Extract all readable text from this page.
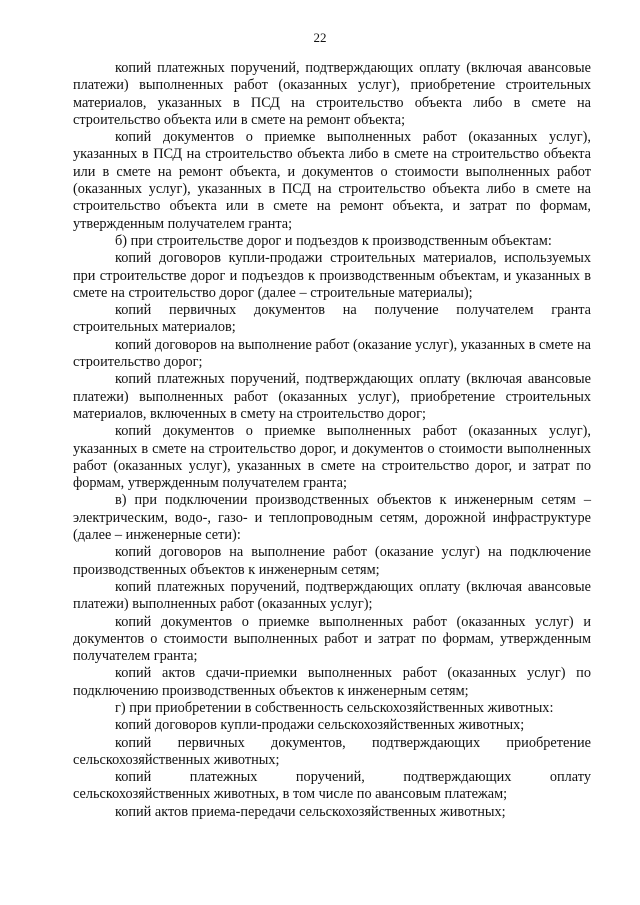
22

копий платежных поручений, подтверждающих оплату (включая авансовые платежи) выполненных работ (оказанных услуг), приобретение строительных материалов, указанных в ПСД на строительство объекта либо в смете на строительство объекта или в смете на ремонт объекта;

копий документов о приемке выполненных работ (оказанных услуг), указанных в ПСД на строительство объекта либо в смете на строительство объекта или в смете на ремонт объекта, и документов о стоимости выполненных работ (оказанных услуг), указанных в ПСД на строительство объекта либо в смете на строительство объекта или в смете на ремонт объекта, и затрат по формам, утвержденным получателем гранта;

б) при строительстве дорог и подъездов к производственным объектам:

копий договоров купли-продажи строительных материалов, используемых при строительстве дорог и подъездов к производственным объектам, и указанных в смете на строительство дорог (далее – строительные материалы);

копий первичных документов на получение получателем гранта строительных материалов;

копий договоров на выполнение работ (оказание услуг), указанных в смете на строительство дорог;

копий платежных поручений, подтверждающих оплату (включая авансовые платежи) выполненных работ (оказанных услуг), приобретение строительных материалов, включенных в смету на строительство дорог;

копий документов о приемке выполненных работ (оказанных услуг), указанных в смете на строительство дорог, и документов о стоимости выполненных работ (оказанных услуг), указанных в смете на строительство дорог, и затрат по формам, утвержденным получателем гранта;

в) при подключении производственных объектов к инженерным сетям – электрическим, водо-, газо- и теплопроводным сетям, дорожной инфраструктуре (далее – инженерные сети):

копий договоров на выполнение работ (оказание услуг) на подключение производственных объектов к инженерным сетям;

копий платежных поручений, подтверждающих оплату (включая авансовые платежи) выполненных работ (оказанных услуг);

копий документов о приемке выполненных работ (оказанных услуг) и документов о стоимости выполненных работ и затрат по формам, утвержденным получателем гранта;

копий актов сдачи-приемки выполненных работ (оказанных услуг) по подключению производственных объектов к инженерным сетям;

г) при приобретении в собственность сельскохозяйственных животных:

копий договоров купли-продажи сельскохозяйственных животных;

копий первичных документов, подтверждающих приобретение сельскохозяйственных животных;

копий платежных поручений, подтверждающих оплату сельскохозяйственных животных, в том числе по авансовым платежам;

копий актов приема-передачи сельскохозяйственных животных;
